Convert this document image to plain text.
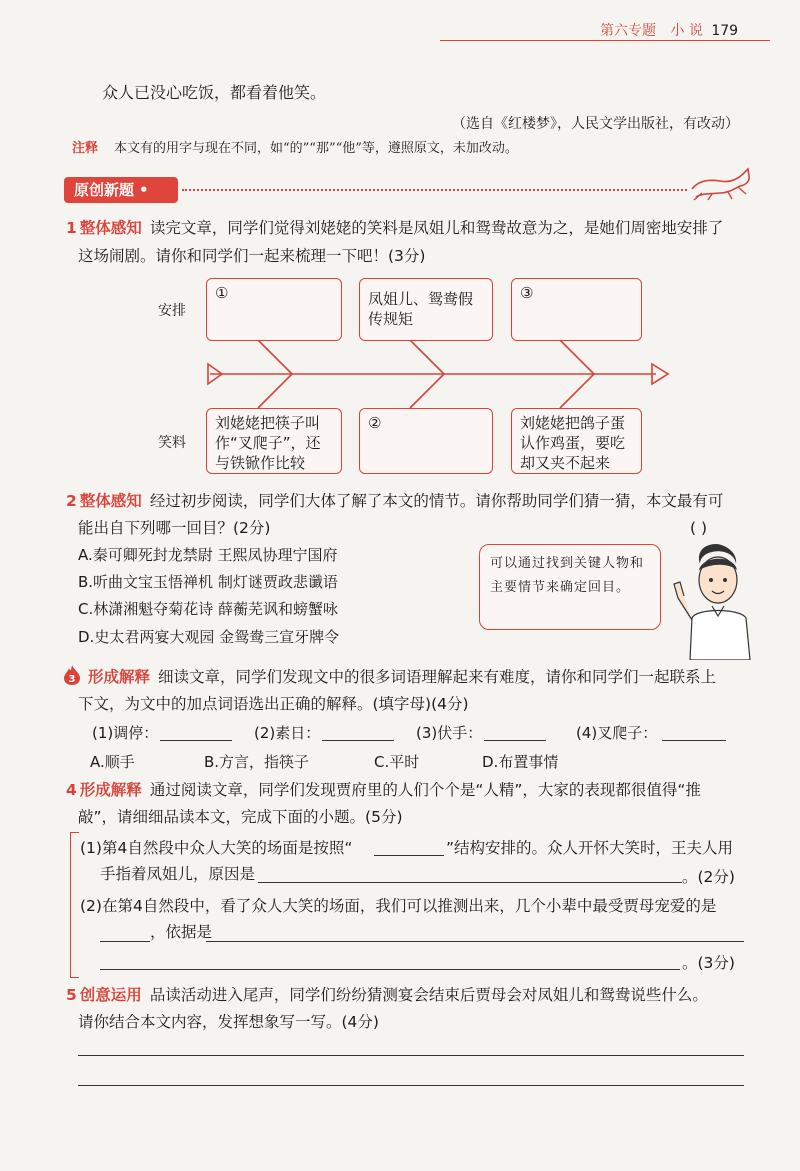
第六专题 小 说 179
众人已没心吃饭，都看着他笑。
（选自《红楼梦》，人民文学出版社，有改动）
注释 本文有的用字与现在不同，如“的”“那”“他”等，遵照原文，未加改动。
原创新题 •
1 整体感知 读完文章，同学们觉得刘姥姥的笑料是凤姐儿和鸳鸯故意为之，是她们周密地安排了
这场闹剧。请你和同学们一起来梳理一下吧！(3分)
安排
笑料
①	凤姐儿、鸳鸯假传规矩
③
刘姥姥把筷子叫作“叉爬子”，还与铁锨作比较
②	刘姥姥把鸽子蛋认作鸡蛋，要吃却又夹不起来
2 整体感知 经过初步阅读，同学们大体了解了本文的情节。请你帮助同学们猜一猜，本文最有可
能出自下列哪一回目？(2分)	( )
A.秦可卿死封龙禁尉 王熙凤协理宁国府
B.听曲文宝玉悟禅机 制灯谜贾政悲谶语
C.林潇湘魁夺菊花诗 薛蘅芜讽和螃蟹咏
D.史太君两宴大观园 金鸳鸯三宣牙牌令
可以通过找到关键人物和主要情节来确定回目。
3 形成解释 细读文章，同学们发现文中的很多词语理解起来有难度，请你和同学们一起联系上
下文，为文中的加点词语选出正确的解释。(填字母)(4分)
(1)调停：	(2)素日：	(3)伏手：	(4)叉爬子：
A.顺手	B.方言，指筷子	C.平时	D.布置事情
4 形成解释 通过阅读文章，同学们发现贾府里的人们个个是“人精”，大家的表现都很值得“推
敲”，请细细品读本文，完成下面的小题。(5分)
(1)第4自然段中众人大笑的场面是按照“	”结构安排的。众人开怀大笑时，王夫人用
手指着凤姐儿，原因是	。(2分)
(2)在第4自然段中，看了众人大笑的场面，我们可以推测出来，几个小辈中最受贾母宠爱的是
，依据是
。(3分)
5 创意运用 品读活动进入尾声，同学们纷纷猜测宴会结束后贾母会对凤姐儿和鸳鸯说些什么。
请你结合本文内容，发挥想象写一写。(4分)
